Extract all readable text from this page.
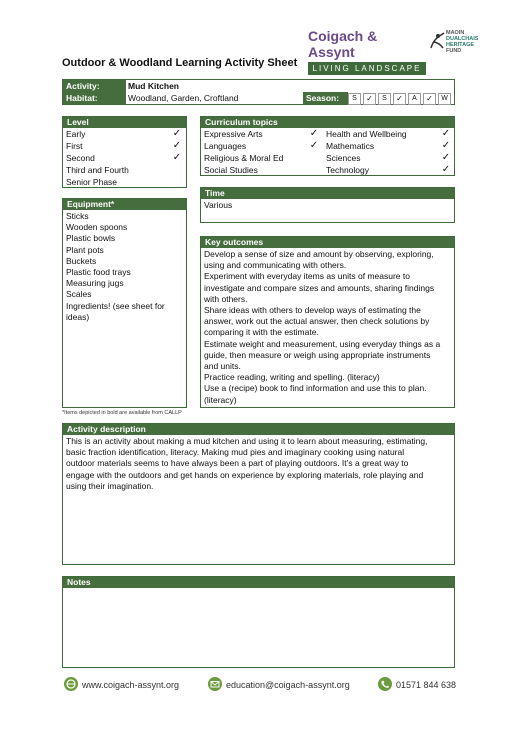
Outdoor & Woodland Learning Activity Sheet
Coigach & Assynt
LIVING LANDSCAPE
MAOIN
DUALCHAIS
HERITAGE
FUND
Activity:	Mud Kitchen
Habitat:	Woodland, Garden, Croftland	Season:	S	✓	S	✓	A	✓	W
Level
Early	✓
First	✓
Second	✓
Third and Fourth
Senior Phase
Curriculum topics
Expressive Arts	✓
Languages	✓
Religious & Moral Ed
Social Studies
Health and Wellbeing	✓
Mathematics	✓
Sciences	✓
Technology	✓
Time
Various
Equipment*
Sticks
Wooden spoons
Plastic bowls
Plant pots
Buckets
Plastic food trays
Measuring jugs
Scales
Ingredients! (see sheet for
ideas)
*Items depicted in bold are available from CALLP
Key outcomes
Develop a sense of size and amount by observing, exploring,
using and communicating with others.
Experiment with everyday items as units of measure to
investigate and compare sizes and amounts, sharing findings
with others.
Share ideas with others to develop ways of estimating the
answer, work out the actual answer, then check solutions by
comparing it with the estimate.
Estimate weight and measurement, using everyday things as a
guide, then measure or weigh using appropriate instruments
and units.
Practice reading, writing and spelling. (literacy)
Use a (recipe) book to find information and use this to plan.
(literacy)
Activity description
This is an activity about making a mud kitchen and using it to learn about measuring, estimating,
basic fraction identification, literacy. Making mud pies and imaginary cooking using natural
outdoor materials seems to have always been a part of playing outdoors. It’s a great way to
engage with the outdoors and get hands on experience by exploring materials, role playing and
using their imagination.
Notes
www.coigach-assynt.org	education@coigach-assynt.org	01571 844 638
